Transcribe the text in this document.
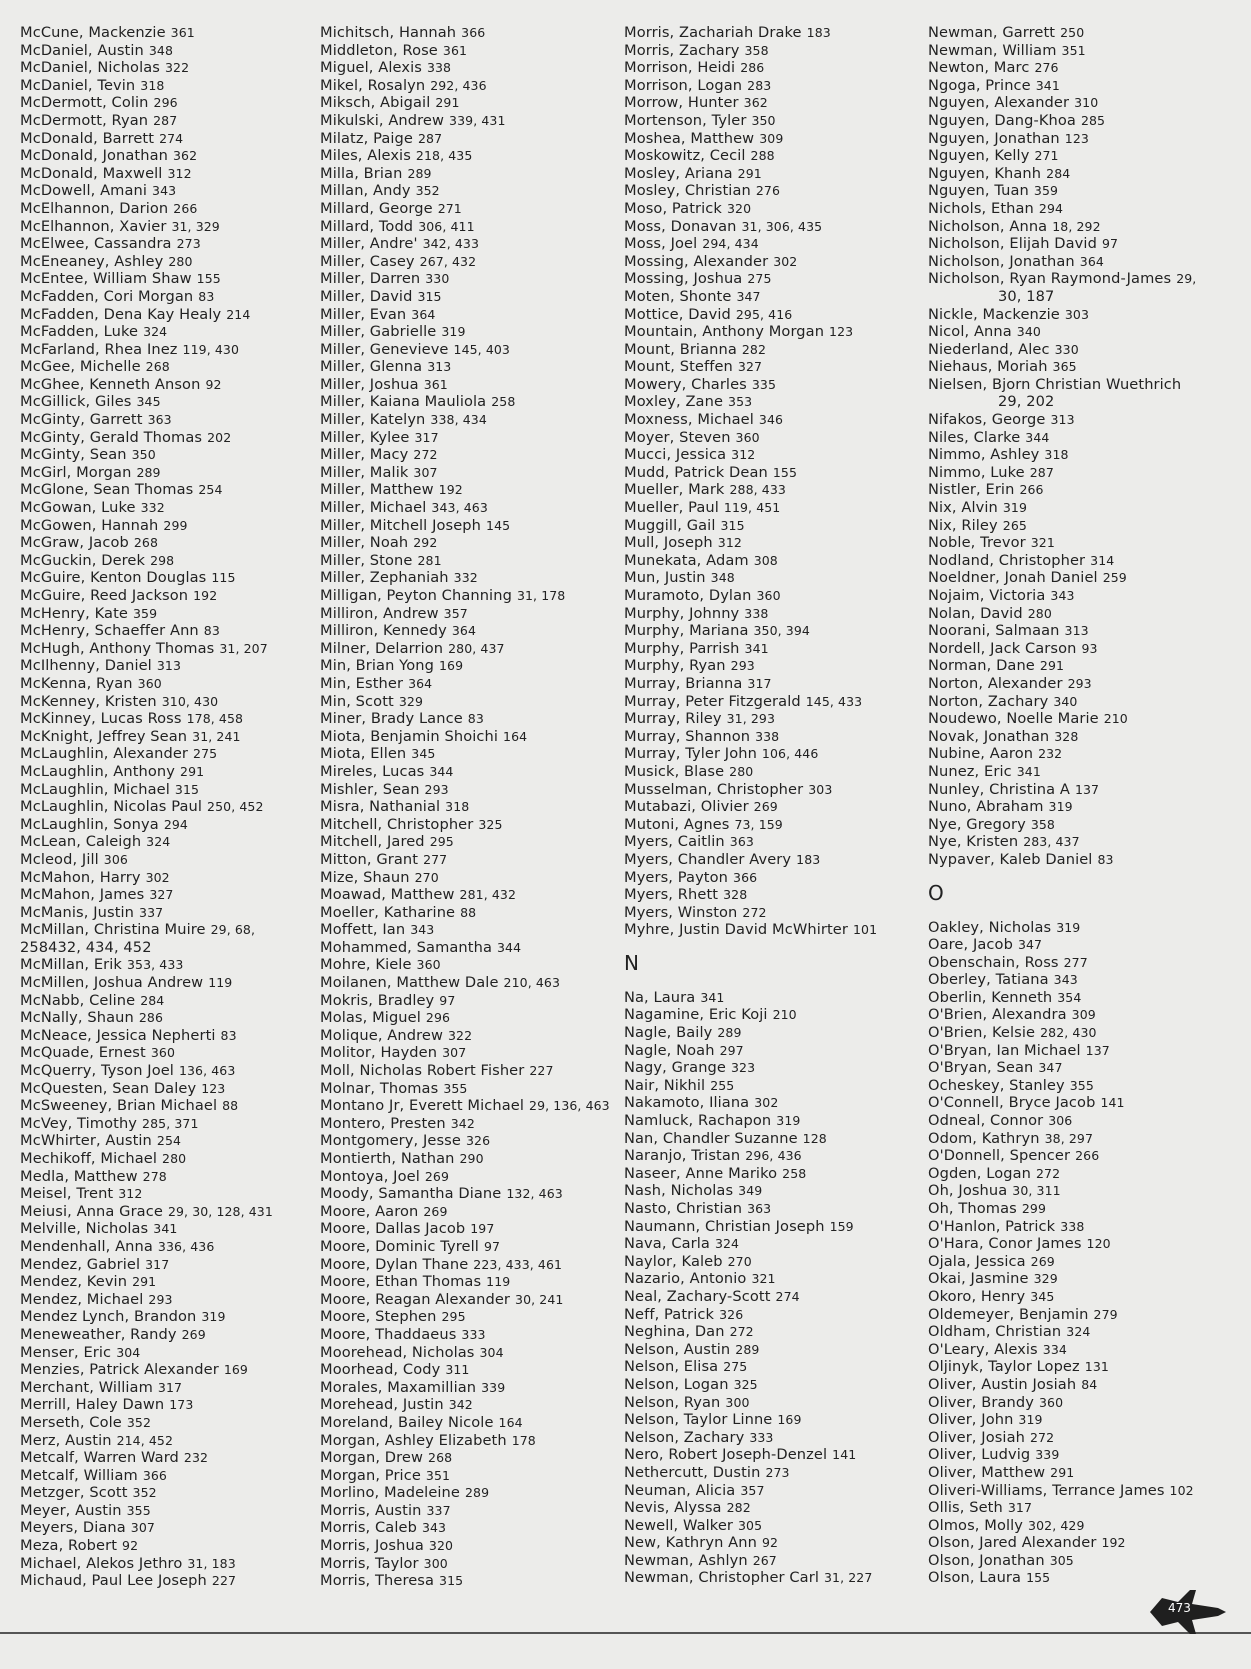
McCune, Mackenzie 361
McDaniel, Austin 348
McDaniel, Nicholas 322
McDaniel, Tevin 318
McDermott, Colin 296
McDermott, Ryan 287
McDonald, Barrett 274
McDonald, Jonathan 362
McDonald, Maxwell 312
McDowell, Amani 343
McElhannon, Darion 266
McElhannon, Xavier 31, 329
McElwee, Cassandra 273
McEneaney, Ashley 280
McEntee, William Shaw 155
McFadden, Cori Morgan 83
McFadden, Dena Kay Healy 214
McFadden, Luke 324
McFarland, Rhea Inez 119, 430
McGee, Michelle 268
McGhee, Kenneth Anson 92
McGillick, Giles 345
McGinty, Garrett 363
McGinty, Gerald Thomas 202
McGinty, Sean 350
McGirl, Morgan 289
McGlone, Sean Thomas 254
McGowan, Luke 332
McGowen, Hannah 299
McGraw, Jacob 268
McGuckin, Derek 298
McGuire, Kenton Douglas 115
McGuire, Reed Jackson 192
McHenry, Kate 359
McHenry, Schaeffer Ann 83
McHugh, Anthony Thomas 31, 207
McIlhenny, Daniel 313
McKenna, Ryan 360
McKenney, Kristen 310, 430
McKinney, Lucas Ross 178, 458
McKnight, Jeffrey Sean 31, 241
McLaughlin, Alexander 275
McLaughlin, Anthony 291
McLaughlin, Michael 315
McLaughlin, Nicolas Paul 250, 452
McLaughlin, Sonya 294
McLean, Caleigh 324
Mcleod, Jill 306
McMahon, Harry 302
McMahon, James 327
McManis, Justin 337
McMillan, Christina Muire 29, 68,
258432, 434, 452
McMillan, Erik 353, 433
McMillen, Joshua Andrew 119
McNabb, Celine 284
McNally, Shaun 286
McNeace, Jessica Nepherti 83
McQuade, Ernest 360
McQuerry, Tyson Joel 136, 463
McQuesten, Sean Daley 123
McSweeney, Brian Michael 88
McVey, Timothy 285, 371
McWhirter, Austin 254
Mechikoff, Michael 280
Medla, Matthew 278
Meisel, Trent 312
Meiusi, Anna Grace 29, 30, 128, 431
Melville, Nicholas 341
Mendenhall, Anna 336, 436
Mendez, Gabriel 317
Mendez, Kevin 291
Mendez, Michael 293
Mendez Lynch, Brandon 319
Meneweather, Randy 269
Menser, Eric 304
Menzies, Patrick Alexander 169
Merchant, William 317
Merrill, Haley Dawn 173
Merseth, Cole 352
Merz, Austin 214, 452
Metcalf, Warren Ward 232
Metcalf, William 366
Metzger, Scott 352
Meyer, Austin 355
Meyers, Diana 307
Meza, Robert 92
Michael, Alekos Jethro 31, 183
Michaud, Paul Lee Joseph 227
Michitsch, Hannah 366
Middleton, Rose 361
Miguel, Alexis 338
Mikel, Rosalyn 292, 436
Miksch, Abigail 291
Mikulski, Andrew 339, 431
Milatz, Paige 287
Miles, Alexis 218, 435
Milla, Brian 289
Millan, Andy 352
Millard, George 271
Millard, Todd 306, 411
Miller, Andre' 342, 433
Miller, Casey 267, 432
Miller, Darren 330
Miller, David 315
Miller, Evan 364
Miller, Gabrielle 319
Miller, Genevieve 145, 403
Miller, Glenna 313
Miller, Joshua 361
Miller, Kaiana Mauliola 258
Miller, Katelyn 338, 434
Miller, Kylee 317
Miller, Macy 272
Miller, Malik 307
Miller, Matthew 192
Miller, Michael 343, 463
Miller, Mitchell Joseph 145
Miller, Noah 292
Miller, Stone 281
Miller, Zephaniah 332
Milligan, Peyton Channing 31, 178
Milliron, Andrew 357
Milliron, Kennedy 364
Milner, Delarrion 280, 437
Min, Brian Yong 169
Min, Esther 364
Min, Scott 329
Miner, Brady Lance 83
Miota, Benjamin Shoichi 164
Miota, Ellen 345
Mireles, Lucas 344
Mishler, Sean 293
Misra, Nathanial 318
Mitchell, Christopher 325
Mitchell, Jared 295
Mitton, Grant 277
Mize, Shaun 270
Moawad, Matthew 281, 432
Moeller, Katharine 88
Moffett, Ian 343
Mohammed, Samantha 344
Mohre, Kiele 360
Moilanen, Matthew Dale 210, 463
Mokris, Bradley 97
Molas, Miguel 296
Molique, Andrew 322
Molitor, Hayden 307
Moll, Nicholas Robert Fisher 227
Molnar, Thomas 355
Montano Jr, Everett Michael 29, 136, 463
Montero, Presten 342
Montgomery, Jesse 326
Montierth, Nathan 290
Montoya, Joel 269
Moody, Samantha Diane 132, 463
Moore, Aaron 269
Moore, Dallas Jacob 197
Moore, Dominic Tyrell 97
Moore, Dylan Thane 223, 433, 461
Moore, Ethan Thomas 119
Moore, Reagan Alexander 30, 241
Moore, Stephen 295
Moore, Thaddaeus 333
Moorehead, Nicholas 304
Moorhead, Cody 311
Morales, Maxamillian 339
Morehead, Justin 342
Moreland, Bailey Nicole 164
Morgan, Ashley Elizabeth 178
Morgan, Drew 268
Morgan, Price 351
Morlino, Madeleine 289
Morris, Austin 337
Morris, Caleb 343
Morris, Joshua 320
Morris, Taylor 300
Morris, Theresa 315
Morris, Zachariah Drake 183
Morris, Zachary 358
Morrison, Heidi 286
Morrison, Logan 283
Morrow, Hunter 362
Mortenson, Tyler 350
Moshea, Matthew 309
Moskowitz, Cecil 288
Mosley, Ariana 291
Mosley, Christian 276
Moso, Patrick 320
Moss, Donavan 31, 306, 435
Moss, Joel 294, 434
Mossing, Alexander 302
Mossing, Joshua 275
Moten, Shonte 347
Mottice, David 295, 416
Mountain, Anthony Morgan 123
Mount, Brianna 282
Mount, Steffen 327
Mowery, Charles 335
Moxley, Zane 353
Moxness, Michael 346
Moyer, Steven 360
Mucci, Jessica 312
Mudd, Patrick Dean 155
Mueller, Mark 288, 433
Mueller, Paul 119, 451
Muggill, Gail 315
Mull, Joseph 312
Munekata, Adam 308
Mun, Justin 348
Muramoto, Dylan 360
Murphy, Johnny 338
Murphy, Mariana 350, 394
Murphy, Parrish 341
Murphy, Ryan 293
Murray, Brianna 317
Murray, Peter Fitzgerald 145, 433
Murray, Riley 31, 293
Murray, Shannon 338
Murray, Tyler John 106, 446
Musick, Blase 280
Musselman, Christopher 303
Mutabazi, Olivier 269
Mutoni, Agnes 73, 159
Myers, Caitlin 363
Myers, Chandler Avery 183
Myers, Payton 366
Myers, Rhett 328
Myers, Winston 272
Myhre, Justin David McWhirter 101
N
Na, Laura 341
Nagamine, Eric Koji 210
Nagle, Baily 289
Nagle, Noah 297
Nagy, Grange 323
Nair, Nikhil 255
Nakamoto, Iliana 302
Namluck, Rachapon 319
Nan, Chandler Suzanne 128
Naranjo, Tristan 296, 436
Naseer, Anne Mariko 258
Nash, Nicholas 349
Nasto, Christian 363
Naumann, Christian Joseph 159
Nava, Carla 324
Naylor, Kaleb 270
Nazario, Antonio 321
Neal, Zachary-Scott 274
Neff, Patrick 326
Neghina, Dan 272
Nelson, Austin 289
Nelson, Elisa 275
Nelson, Logan 325
Nelson, Ryan 300
Nelson, Taylor Linne 169
Nelson, Zachary 333
Nero, Robert Joseph-Denzel 141
Nethercutt, Dustin 273
Neuman, Alicia 357
Nevis, Alyssa 282
Newell, Walker 305
New, Kathryn Ann 92
Newman, Ashlyn 267
Newman, Christopher Carl 31, 227
Newman, Garrett 250
Newman, William 351
Newton, Marc 276
Ngoga, Prince 341
Nguyen, Alexander 310
Nguyen, Dang-Khoa 285
Nguyen, Jonathan 123
Nguyen, Kelly 271
Nguyen, Khanh 284
Nguyen, Tuan 359
Nichols, Ethan 294
Nicholson, Anna 18, 292
Nicholson, Elijah David 97
Nicholson, Jonathan 364
Nicholson, Ryan Raymond-James 29,
30, 187
Nickle, Mackenzie 303
Nicol, Anna 340
Niederland, Alec 330
Niehaus, Moriah 365
Nielsen, Bjorn Christian Wuethrich
29, 202
Nifakos, George 313
Niles, Clarke 344
Nimmo, Ashley 318
Nimmo, Luke 287
Nistler, Erin 266
Nix, Alvin 319
Nix, Riley 265
Noble, Trevor 321
Nodland, Christopher 314
Noeldner, Jonah Daniel 259
Nojaim, Victoria 343
Nolan, David 280
Noorani, Salmaan 313
Nordell, Jack Carson 93
Norman, Dane 291
Norton, Alexander 293
Norton, Zachary 340
Noudewo, Noelle Marie 210
Novak, Jonathan 328
Nubine, Aaron 232
Nunez, Eric 341
Nunley, Christina A 137
Nuno, Abraham 319
Nye, Gregory 358
Nye, Kristen 283, 437
Nypaver, Kaleb Daniel 83
O
Oakley, Nicholas 319
Oare, Jacob 347
Obenschain, Ross 277
Oberley, Tatiana 343
Oberlin, Kenneth 354
O'Brien, Alexandra 309
O'Brien, Kelsie 282, 430
O'Bryan, Ian Michael 137
O'Bryan, Sean 347
Ocheskey, Stanley 355
O'Connell, Bryce Jacob 141
Odneal, Connor 306
Odom, Kathryn 38, 297
O'Donnell, Spencer 266
Ogden, Logan 272
Oh, Joshua 30, 311
Oh, Thomas 299
O'Hanlon, Patrick 338
O'Hara, Conor James 120
Ojala, Jessica 269
Okai, Jasmine 329
Okoro, Henry 345
Oldemeyer, Benjamin 279
Oldham, Christian 324
O'Leary, Alexis 334
Oljinyk, Taylor Lopez 131
Oliver, Austin Josiah 84
Oliver, Brandy 360
Oliver, John 319
Oliver, Josiah 272
Oliver, Ludvig 339
Oliver, Matthew 291
Oliveri-Williams, Terrance James 102
Ollis, Seth 317
Olmos, Molly 302, 429
Olson, Jared Alexander 192
Olson, Jonathan 305
Olson, Laura 155
473
